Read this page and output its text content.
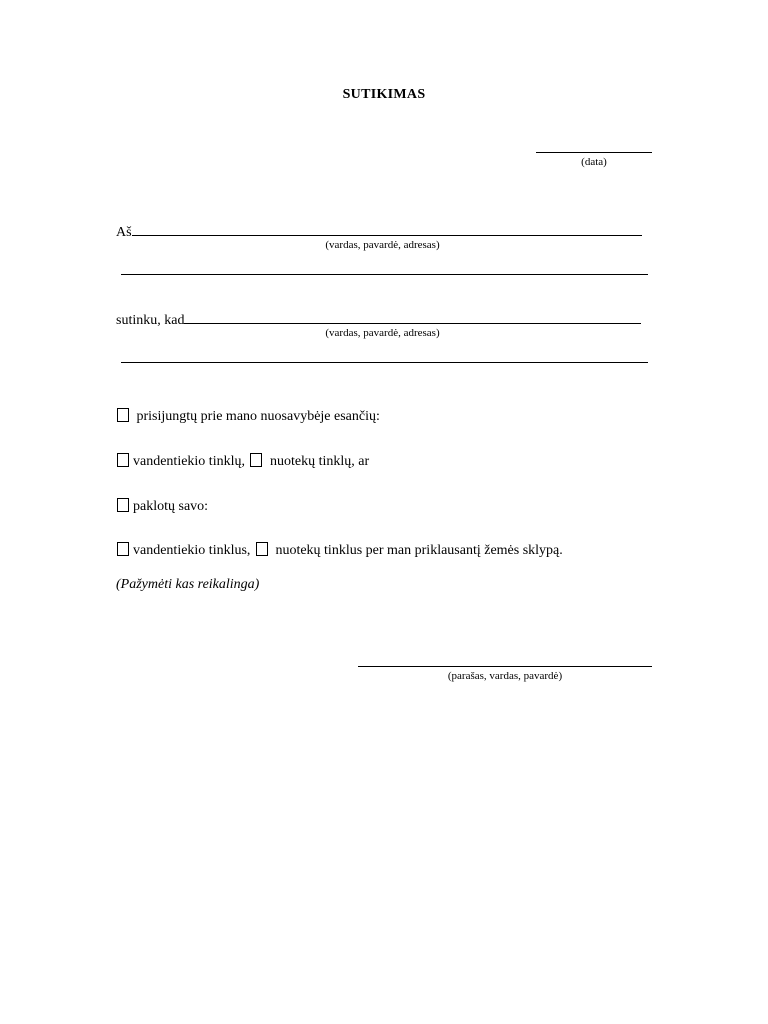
SUTIKIMAS
(data)
Aš
(vardas, pavardė, adresas)
sutinku, kad
(vardas, pavardė, adresas)
prisijungtų prie mano nuosavybėje esančių:
vandentiekio tinklų, nuotekų tinklų, ar
paklotų savo:
vandentiekio tinklus, nuotekų tinklus per man priklausantį žemės sklypą.
(Pažymėti kas reikalinga)
(parašas, vardas, pavardė)
